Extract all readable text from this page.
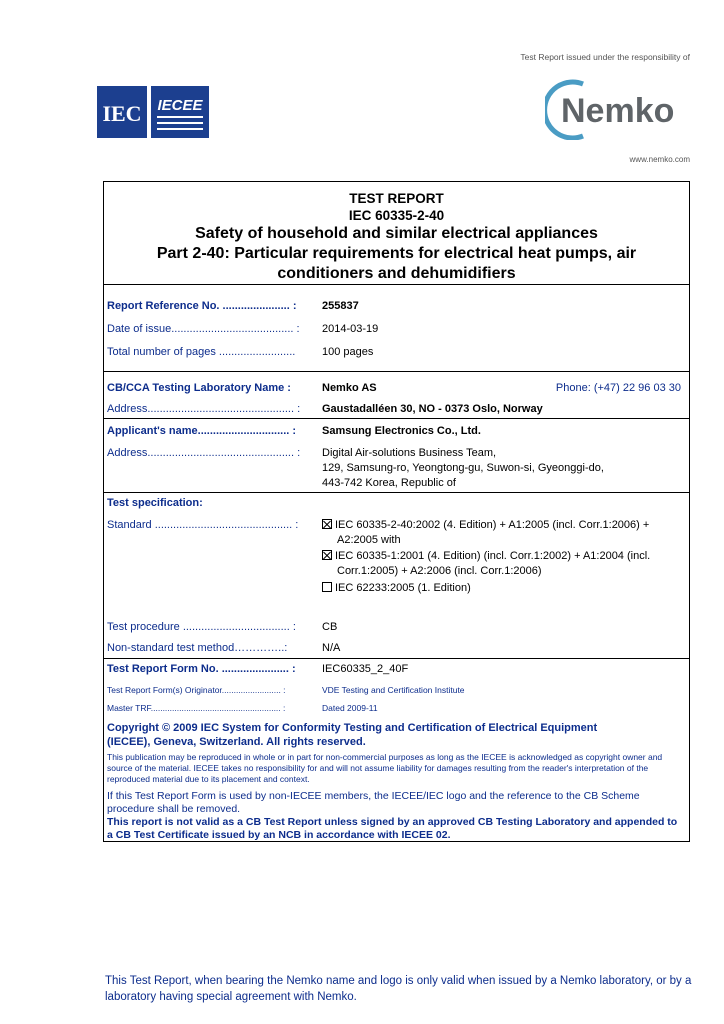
Test Report issued under the responsibility of
IEC IECEE	Nemko
www.nemko.com
TEST REPORT
IEC 60335-2-40
Safety of household and similar electrical appliances
Part 2-40: Particular requirements for electrical heat pumps, air
conditioners and dehumidifiers
Report Reference No. ...................... :	255837
Date of issue........................................ :	2014-03-19
Total number of pages .........................	100 pages
CB/CCA Testing Laboratory Name :	Nemko AS	Phone: (+47) 22 96 03 30
Address................................................ :	Gaustadalléen 30, NO - 0373 Oslo, Norway
Applicant's name.............................. :	Samsung Electronics Co., Ltd.
Address................................................ :	Digital Air-solutions Business Team,
129, Samsung-ro, Yeongtong-gu, Suwon-si, Gyeonggi-do,
443-742 Korea, Republic of
Test specification:
Standard ............................................. :	IEC 60335-2-40:2002 (4. Edition) + A1:2005 (incl. Corr.1:2006) +
A2:2005 with
IEC 60335-1:2001 (4. Edition) (incl. Corr.1:2002) + A1:2004 (incl.
Corr.1:2005) + A2:2006 (incl. Corr.1:2006)
IEC 62233:2005 (1. Edition)
Test procedure ................................... :	CB
Non-standard test method…………..:	N/A
Test Report Form No. ...................... :	IEC60335_2_40F
Test Report Form(s) Originator......................... :	VDE Testing and Certification Institute
Master TRF....................................................... :	Dated 2009-11
Copyright © 2009 IEC System for Conformity Testing and Certification of Electrical Equipment
(IECEE), Geneva, Switzerland. All rights reserved.
This publication may be reproduced in whole or in part for non-commercial purposes as long as the IECEE is acknowledged as copyright owner and source of the material. IECEE takes no responsibility for and will not assume liability for damages resulting from the reader's interpretation of the reproduced material due to its placement and context.
If this Test Report Form is used by non-IECEE members, the IECEE/IEC logo and the reference to the CB Scheme procedure shall be removed.
This report is not valid as a CB Test Report unless signed by an approved CB Testing Laboratory and appended to a CB Test Certificate issued by an NCB in accordance with IECEE 02.
This Test Report, when bearing the Nemko name and logo is only valid when issued by a Nemko laboratory, or by a laboratory having special agreement with Nemko.
